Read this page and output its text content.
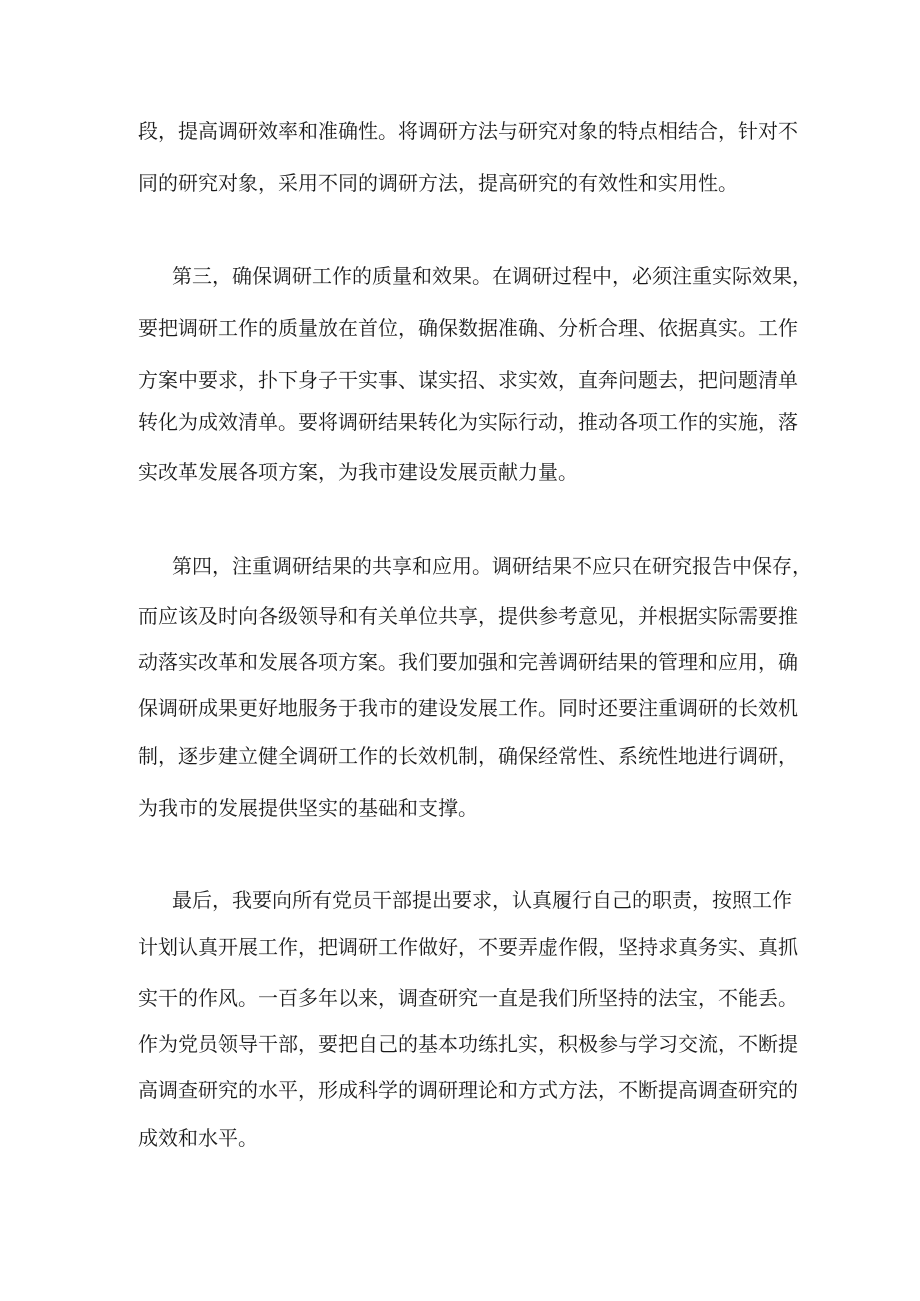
段，提高调研效率和准确性。将调研方法与研究对象的特点相结合，针对不
同的研究对象，采用不同的调研方法，提高研究的有效性和实用性。
第三，确保调研工作的质量和效果。在调研过程中，必须注重实际效果，
要把调研工作的质量放在首位，确保数据准确、分析合理、依据真实。工作
方案中要求，扑下身子干实事、谋实招、求实效，直奔问题去，把问题清单
转化为成效清单。要将调研结果转化为实际行动，推动各项工作的实施，落
实改革发展各项方案，为我市建设发展贡献力量。
第四，注重调研结果的共享和应用。调研结果不应只在研究报告中保存，
而应该及时向各级领导和有关单位共享，提供参考意见，并根据实际需要推
动落实改革和发展各项方案。我们要加强和完善调研结果的管理和应用，确
保调研成果更好地服务于我市的建设发展工作。同时还要注重调研的长效机
制，逐步建立健全调研工作的长效机制，确保经常性、系统性地进行调研，
为我市的发展提供坚实的基础和支撑。
最后，我要向所有党员干部提出要求，认真履行自己的职责，按照工作
计划认真开展工作，把调研工作做好，不要弄虚作假，坚持求真务实、真抓
实干的作风。一百多年以来，调查研究一直是我们所坚持的法宝，不能丢。
作为党员领导干部，要把自己的基本功练扎实，积极参与学习交流，不断提
高调查研究的水平，形成科学的调研理论和方式方法，不断提高调查研究的
成效和水平。
